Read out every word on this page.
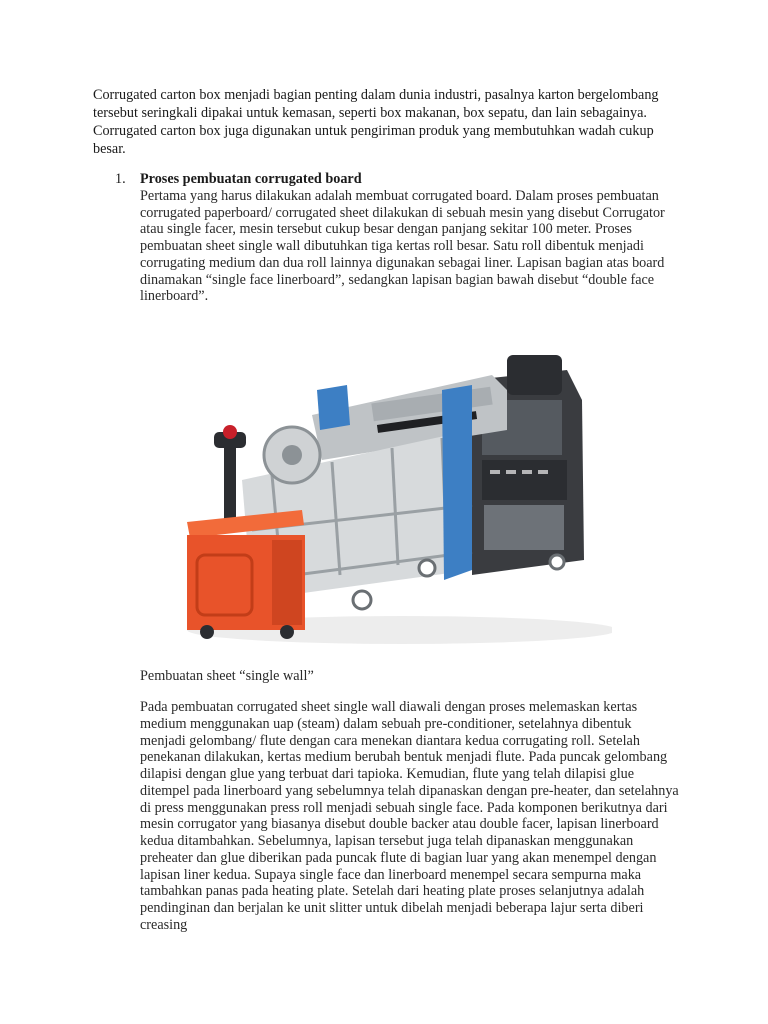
Corrugated carton box menjadi bagian penting dalam dunia industri, pasalnya karton bergelombang tersebut seringkali dipakai untuk kemasan, seperti box makanan, box sepatu, dan lain sebagainya. Corrugated carton box juga digunakan untuk pengiriman produk yang membutuhkan wadah cukup besar.

1. Proses pembuatan corrugated board

Pertama yang harus dilakukan adalah membuat corrugated board. Dalam proses pembuatan corrugated paperboard/ corrugated sheet dilakukan di sebuah mesin yang disebut Corrugator atau single facer, mesin tersebut cukup besar dengan panjang sekitar 100 meter. Proses pembuatan sheet single wall dibutuhkan tiga kertas roll besar. Satu roll dibentuk menjadi corrugating medium dan dua roll lainnya digunakan sebagai liner. Lapisan bagian atas board dinamakan “single face linerboard”, sedangkan lapisan bagian bawah disebut “double face linerboard”.

Pembuatan sheet “single wall”

Pada pembuatan corrugated sheet single wall diawali dengan proses melemaskan kertas medium menggunakan uap (steam) dalam sebuah pre-conditioner, setelahnya dibentuk menjadi gelombang/ flute dengan cara menekan diantara kedua corrugating roll. Setelah penekanan dilakukan, kertas medium berubah bentuk menjadi flute. Pada puncak gelombang dilapisi dengan glue yang terbuat dari tapioka. Kemudian, flute yang telah dilapisi glue ditempel pada linerboard yang sebelumnya telah dipanaskan dengan pre-heater, dan setelahnya di press menggunakan press roll menjadi sebuah single face. Pada komponen berikutnya dari mesin corrugator yang biasanya disebut double backer atau double facer, lapisan linerboard kedua ditambahkan. Sebelumnya, lapisan tersebut juga telah dipanaskan menggunakan preheater dan glue diberikan pada puncak flute di bagian luar yang akan menempel dengan lapisan liner kedua. Supaya single face dan linerboard menempel secara sempurna maka tambahkan panas pada heating plate. Setelah dari heating plate proses selanjutnya adalah pendinginan dan berjalan ke unit slitter untuk dibelah menjadi beberapa lajur serta diberi creasing
